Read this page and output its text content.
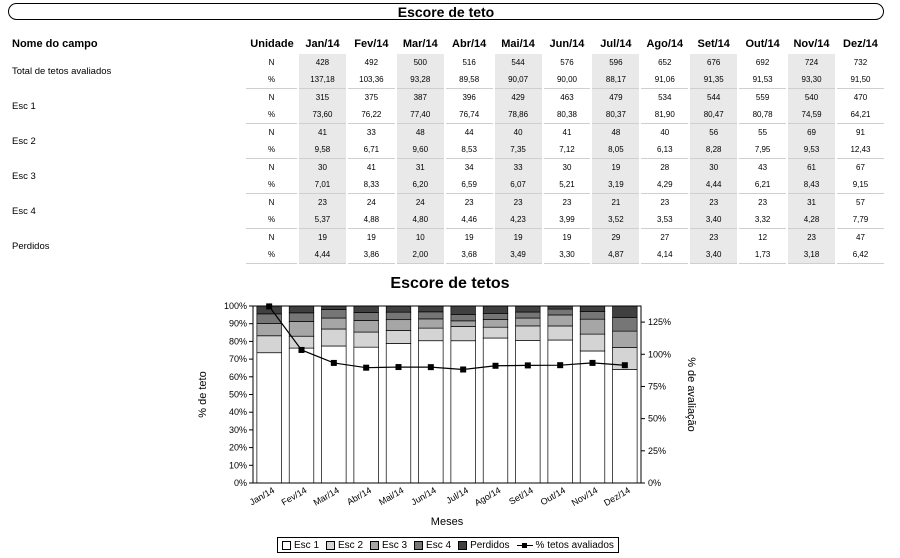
Escore de teto
Nome do campo	Unidade	Jan/14	Fev/14	Mar/14	Abr/14	Mai/14	Jun/14	Jul/14	Ago/14	Set/14	Out/14	Nov/14	Dez/14
Total de tetos avaliados	N	428	492	500	516	544	576	596	652	676	692	724	732
	%	137,18	103,36	93,28	89,58	90,07	90,00	88,17	91,06	91,35	91,53	93,30	91,50
Esc 1	N	315	375	387	396	429	463	479	534	544	559	540	470
	%	73,60	76,22	77,40	76,74	78,86	80,38	80,37	81,90	80,47	80,78	74,59	64,21
Esc 2	N	41	33	48	44	40	41	48	40	56	55	69	91
	%	9,58	6,71	9,60	8,53	7,35	7,12	8,05	6,13	8,28	7,95	9,53	12,43
Esc 3	N	30	41	31	34	33	30	19	28	30	43	61	67
	%	7,01	8,33	6,20	6,59	6,07	5,21	3,19	4,29	4,44	6,21	8,43	9,15
Esc 4	N	23	24	24	23	23	23	21	23	23	23	31	57
	%	5,37	4,88	4,80	4,46	4,23	3,99	3,52	3,53	3,40	3,32	4,28	7,79
Perdidos	N	19	19	10	19	19	19	29	27	23	12	23	47
	%	4,44	3,86	2,00	3,68	3,49	3,30	4,87	4,14	3,40	1,73	3,18	6,42
Escore de tetos
0%
10%
20%
30%
40%
50%
60%
70%
80%
90%
100%
0%
25%
50%
75%
100%
125%
Jan/14 Fev/14 Mar/14 Abr/14 Mai/14 Jun/14 Jul/14 Ago/14 Set/14 Out/14 Nov/14 Dez/14
Meses
% de teto	% de avaliação
Esc 1 Esc 2 Esc 3 Esc 4 Perdidos	% tetos avaliados
